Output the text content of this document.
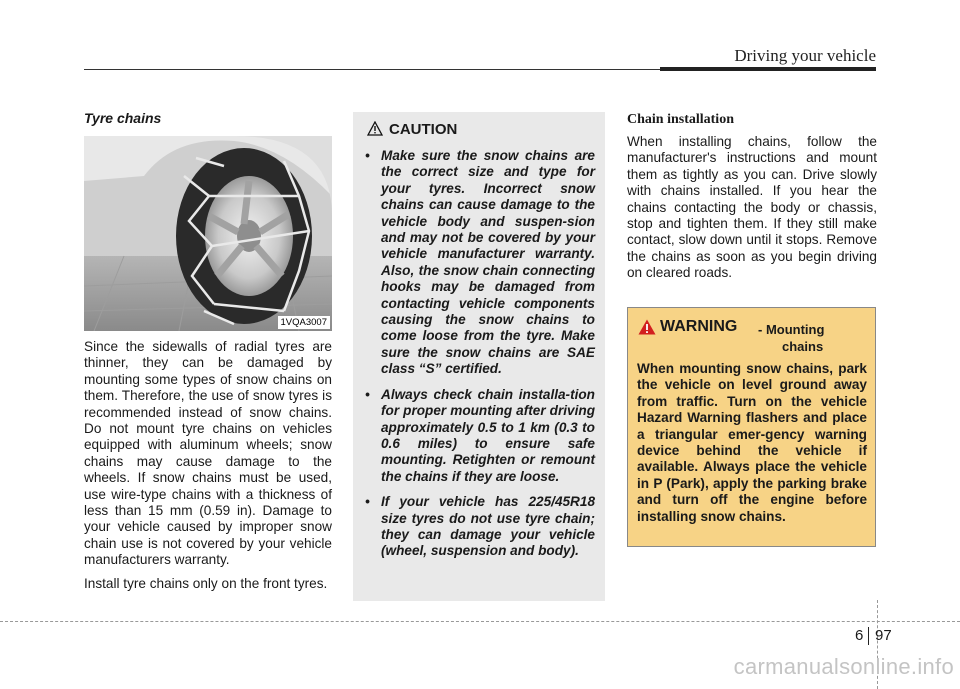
Driving your vehicle

Tyre chains

1VQA3007

Since the sidewalls of radial tyres are thinner, they can be damaged by mounting some types of snow chains on them. Therefore, the use of snow tyres is recommended instead of snow chains. Do not mount tyre chains on vehicles equipped with aluminum wheels; snow chains may cause damage to the wheels. If snow chains must be used, use wire-type chains with a thickness of less than 15 mm (0.59 in). Damage to your vehicle caused by improper snow chain use is not covered by your vehicle manufacturers warranty.

Install tyre chains only on the front tyres.

CAUTION
• Make sure the snow chains are the correct size and type for your tyres. Incorrect snow chains can cause damage to the vehicle body and suspen-sion and may not be covered by your vehicle manufacturer warranty. Also, the snow chain connecting hooks may be damaged from contacting vehicle components causing the snow chains to come loose from the tyre. Make sure the snow chains are SAE class “S” certified.
• Always check chain installa-tion for proper mounting after driving approximately 0.5 to 1 km (0.3 to 0.6 miles) to ensure safe mounting. Retighten or remount the chains if they are loose.
• If your vehicle has 225/45R18 size tyres do not use tyre chain; they can damage your vehicle (wheel, suspension and body).

Chain installation

When installing chains, follow the manufacturer's instructions and mount them as tightly as you can. Drive slowly with chains installed. If you hear the chains contacting the body or chassis, stop and tighten them. If they still make contact, slow down until it stops. Remove the chains as soon as you begin driving on cleared roads.

WARNING - Mounting
chains

When mounting snow chains, park the vehicle on level ground away from traffic. Turn on the vehicle Hazard Warning flashers and place a triangular emer-gency warning device behind the vehicle if available. Always place the vehicle in P (Park), apply the parking brake and turn off the engine before installing snow chains.

6 97
carmanualsonline.info
